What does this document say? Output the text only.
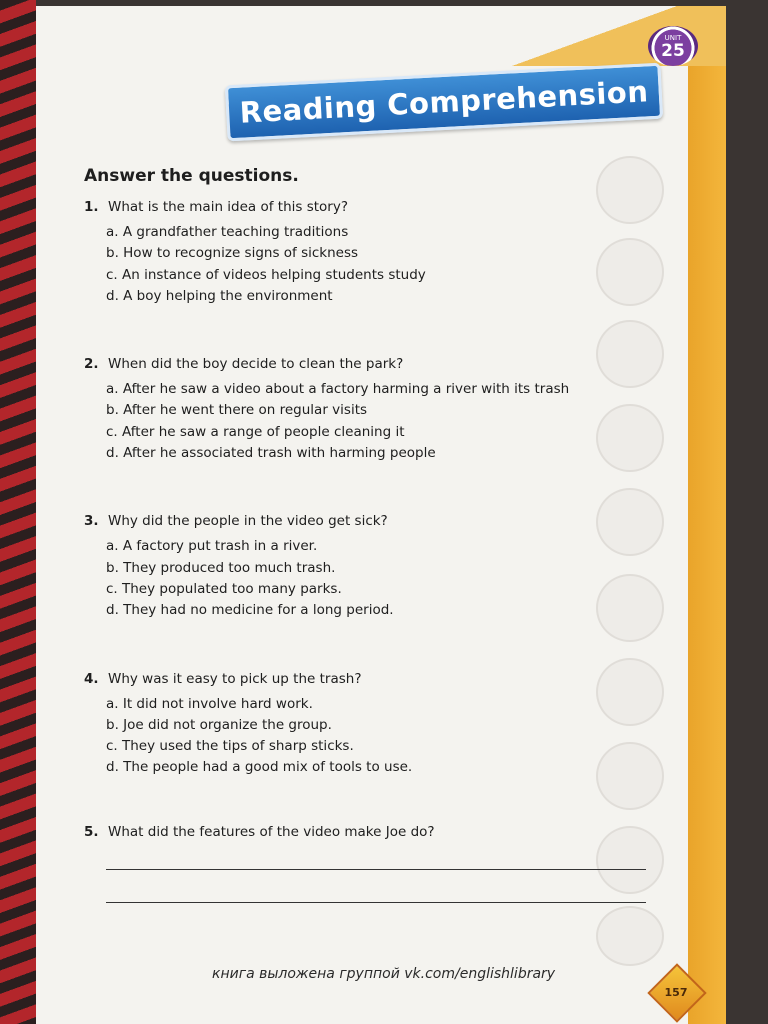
UNIT
25
Reading Comprehension
Answer the questions.
1. What is the main idea of this story?
a. A grandfather teaching traditions
b. How to recognize signs of sickness
c. An instance of videos helping students study
d. A boy helping the environment
2. When did the boy decide to clean the park?
a. After he saw a video about a factory harming a river with its trash
b. After he went there on regular visits
c. After he saw a range of people cleaning it
d. After he associated trash with harming people
3. Why did the people in the video get sick?
a. A factory put trash in a river.
b. They produced too much trash.
c. They populated too many parks.
d. They had no medicine for a long period.
4. Why was it easy to pick up the trash?
a. It did not involve hard work.
b. Joe did not organize the group.
c. They used the tips of sharp sticks.
d. The people had a good mix of tools to use.
5. What did the features of the video make Joe do?
книга выложена группой vk.com/englishlibrary
157
